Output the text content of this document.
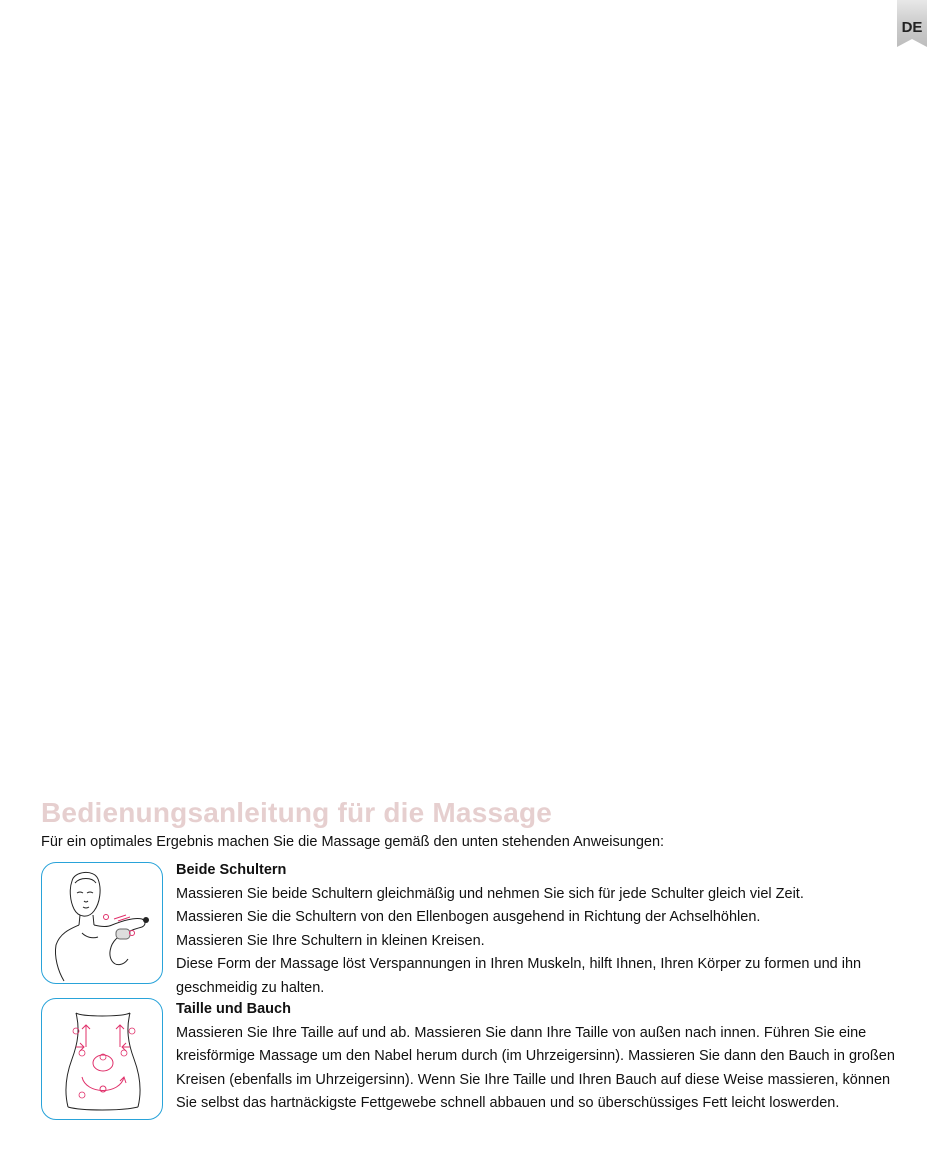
DE
Bedienungsanleitung für die Massage

Für ein optimales Ergebnis machen Sie die Massage gemäß den unten stehenden Anweisungen:

Beide Schultern

Massieren Sie beide Schultern gleichmäßig und nehmen Sie sich für jede Schulter gleich viel Zeit.

Massieren Sie die Schultern von den Ellenbogen ausgehend in Richtung der Achselhöhlen.

Massieren Sie Ihre Schultern in kleinen Kreisen.

Diese Form der Massage löst Verspannungen in Ihren Muskeln, hilft Ihnen, Ihren Körper zu formen und ihn

geschmeidig zu halten.

Taille und Bauch

Massieren Sie Ihre Taille auf und ab. Massieren Sie dann Ihre Taille von außen nach innen. Führen Sie eine

kreisförmige Massage um den Nabel herum durch (im Uhrzeigersinn). Massieren Sie dann den Bauch in großen

Kreisen (ebenfalls im Uhrzeigersinn). Wenn Sie Ihre Taille und Ihren Bauch auf diese Weise massieren, können

Sie selbst das hartnäckigste Fettgewebe schnell abbauen und so überschüssiges Fett leicht loswerden.
